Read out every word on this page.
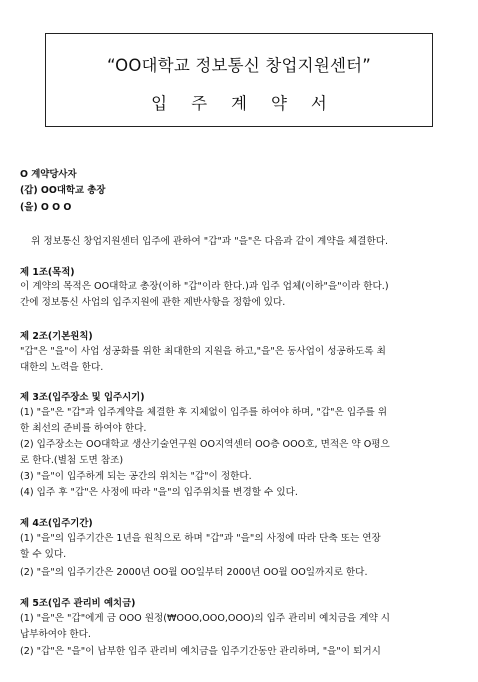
“OO대학교 정보통신 창업지원센터”
입주계약서
O 계약당사자
(갑) OO대학교 총장
(을) O O O
위 정보통신 창업지원센터 입주에 관하여 "갑"과 "을"은 다음과 같이 계약을 체결한다.
제 1조(목적)
이 계약의 목적은 OO대학교 총장(이하 "갑"이라 한다.)과 입주 업체(이하"을"이라 한다.)
간에 정보통신 사업의 입주지원에 관한 제반사항을 정함에 있다.
제 2조(기본원칙)
"갑"은 "을"이 사업 성공화를 위한 최대한의 지원을 하고,"을"은 동사업이 성공하도록 최
대한의 노력을 한다.
제 3조(입주장소 및 입주시기)
(1) "을"은 "갑"과 입주계약을 체결한 후 지체없이 입주를 하여야 하며, "갑"은 입주를 위
한 최선의 준비를 하여야 한다.
(2) 입주장소는 OO대학교 생산기술연구원 OO지역센터 OO층 OOO호, 면적은 약 O평으
로 한다.(별첨 도면 참조)
(3) "을"이 입주하게 되는 공간의 위치는 "갑"이 정한다.
(4) 입주 후 "갑"은 사정에 따라 "을"의 입주위치를 변경할 수 있다.
제 4조(입주기간)
(1) "을"의 입주기간은 1년을 원칙으로 하며 "갑"과 "을"의 사정에 따라 단축 또는 연장
할 수 있다.
(2) "을"의 입주기간은 2000년 OO월 OO일부터 2000년 OO월 OO일까지로 한다.
제 5조(입주 관리비 예치금)
(1) "을"은 "갑"에게 금 OOO 원정(₩OOO,OOO,OOO)의 입주 관리비 예치금을 계약 시
납부하여야 한다.
(2) "갑"은 "을"이 납부한 입주 관리비 예치금을 입주기간동안 관리하며, "을"이 퇴거시
